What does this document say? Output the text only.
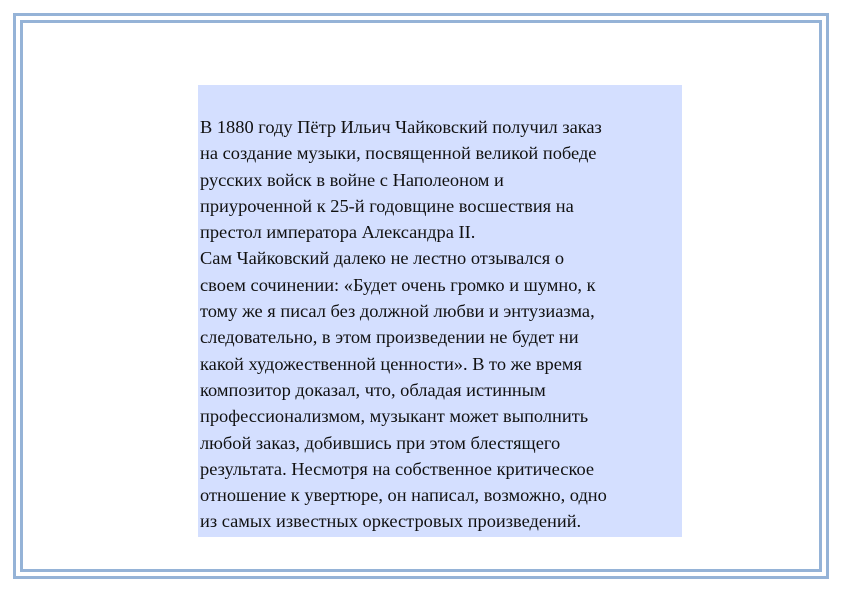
В 1880 году Пётр Ильич Чайковский получил заказ
на создание музыки, посвященной великой победе
русских войск в войне с Наполеоном и
приуроченной к 25-й годовщине восшествия на
престол императора Александра II.

Сам Чайковский далеко не лестно отзывался о
своем сочинении: «Будет очень громко и шумно, к
тому же я писал без должной любви и энтузиазма,
следовательно, в этом произведении не будет ни
какой художественной ценности». В то же время
композитор доказал, что, обладая истинным
профессионализмом, музыкант может выполнить
любой заказ, добившись при этом блестящего
результата. Несмотря на собственное критическое
отношение к увертюре, он написал, возможно, одно
из самых известных оркестровых произведений.
